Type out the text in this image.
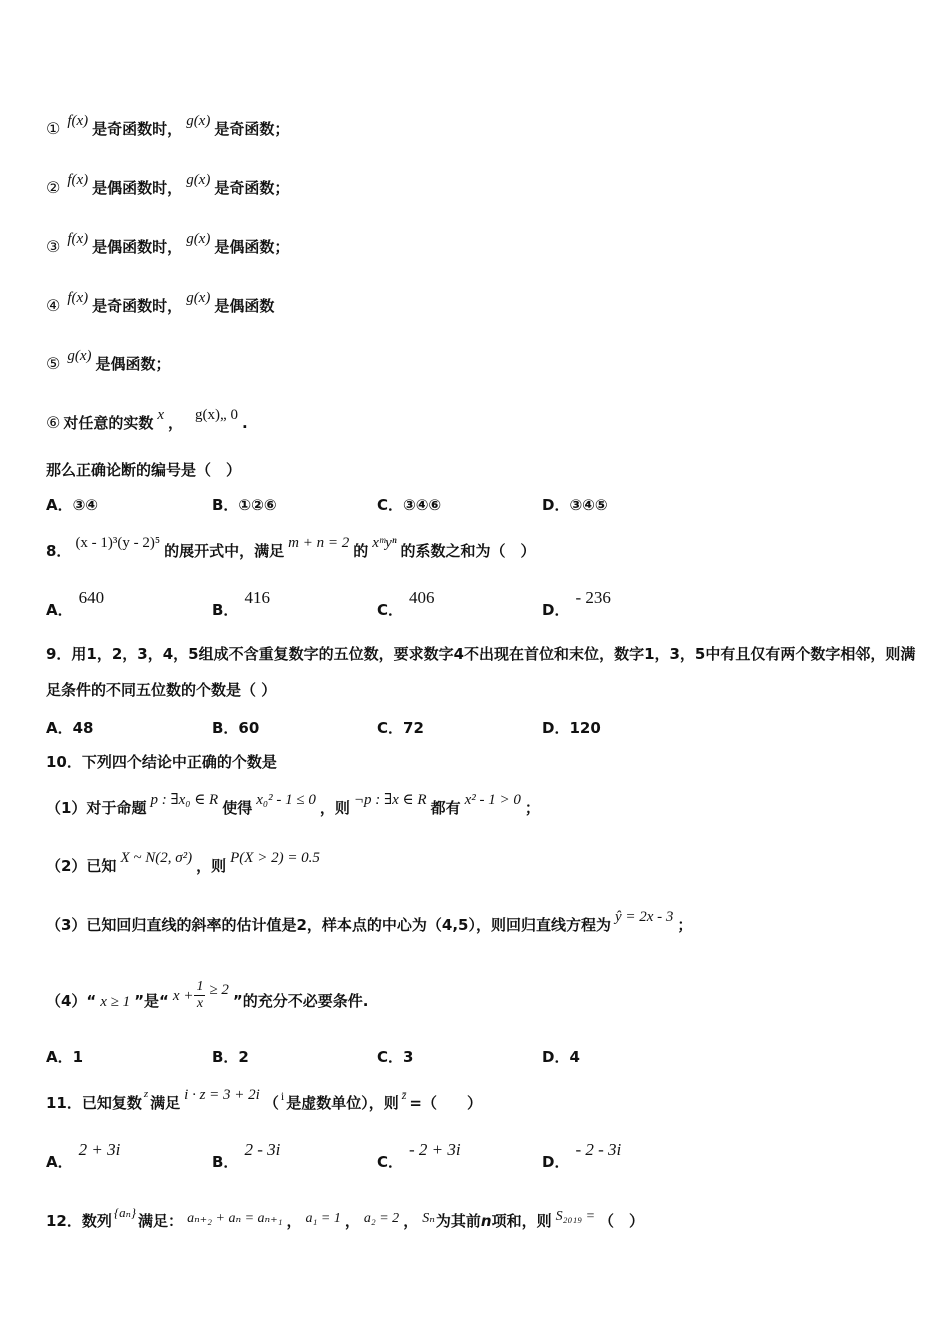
① f(x) 是奇函数时， g(x) 是奇函数；
② f(x) 是偶函数时， g(x) 是奇函数；
③ f(x) 是偶函数时， g(x) 是偶函数；
④ f(x) 是奇函数时， g(x) 是偶函数
⑤ g(x) 是偶函数；
⑥ 对任意的实数 x ， g(x)„ 0 .
那么正确论断的编号是（　）
A．③④	B．①②⑥	C．③④⑥	D．③④⑤
8． (x - 1)³(y - 2)⁵ 的展开式中，满足 m + n = 2 的 xᵐyⁿ 的系数之和为（　）
A．640
B．416
C．406
D．- 236
9．用1，2，3，4，5组成不含重复数字的五位数，要求数字4不出现在首位和末位，数字1，3，5中有且仅有两个数字相邻，则满足条件的不同五位数的个数是（ ）
A．48	B．60	C．72	D．120
10．下列四个结论中正确的个数是
（1）对于命题 p : ∃x₀ ∈ R 使得 x₀² - 1 ≤ 0 ，则 ¬p : ∃x ∈ R 都有 x² - 1 > 0 ；
（2）已知 X ~ N(2, σ²) ，则 P(X > 2) = 0.5
（3）已知回归直线的斜率的估计值是2，样本点的中心为（4,5），则回归直线方程为 ŷ = 2x - 3 ；
（4）“ x ≥ 1 ”是“ $x + \frac{1}{x} \ge 2$”的充分不必要条件.
A．1	B．2	C．3	D．4
11．已知复数 $^z$ 满足 i · z = 3 + 2i （ $^i$ 是虚数单位），则 $^{z̄}$ =（　　）
A．2 + 3i
B．2 - 3i
C．- 2 + 3i
D．- 2 - 3i
12．数列 {aₙ} 满足： aₙ₊₂ + aₙ = aₙ₊₁ ， a₁ = 1 ， a₂ = 2 ， Sₙ为其前n项和，则 S₂₀₁₉ = （　）
